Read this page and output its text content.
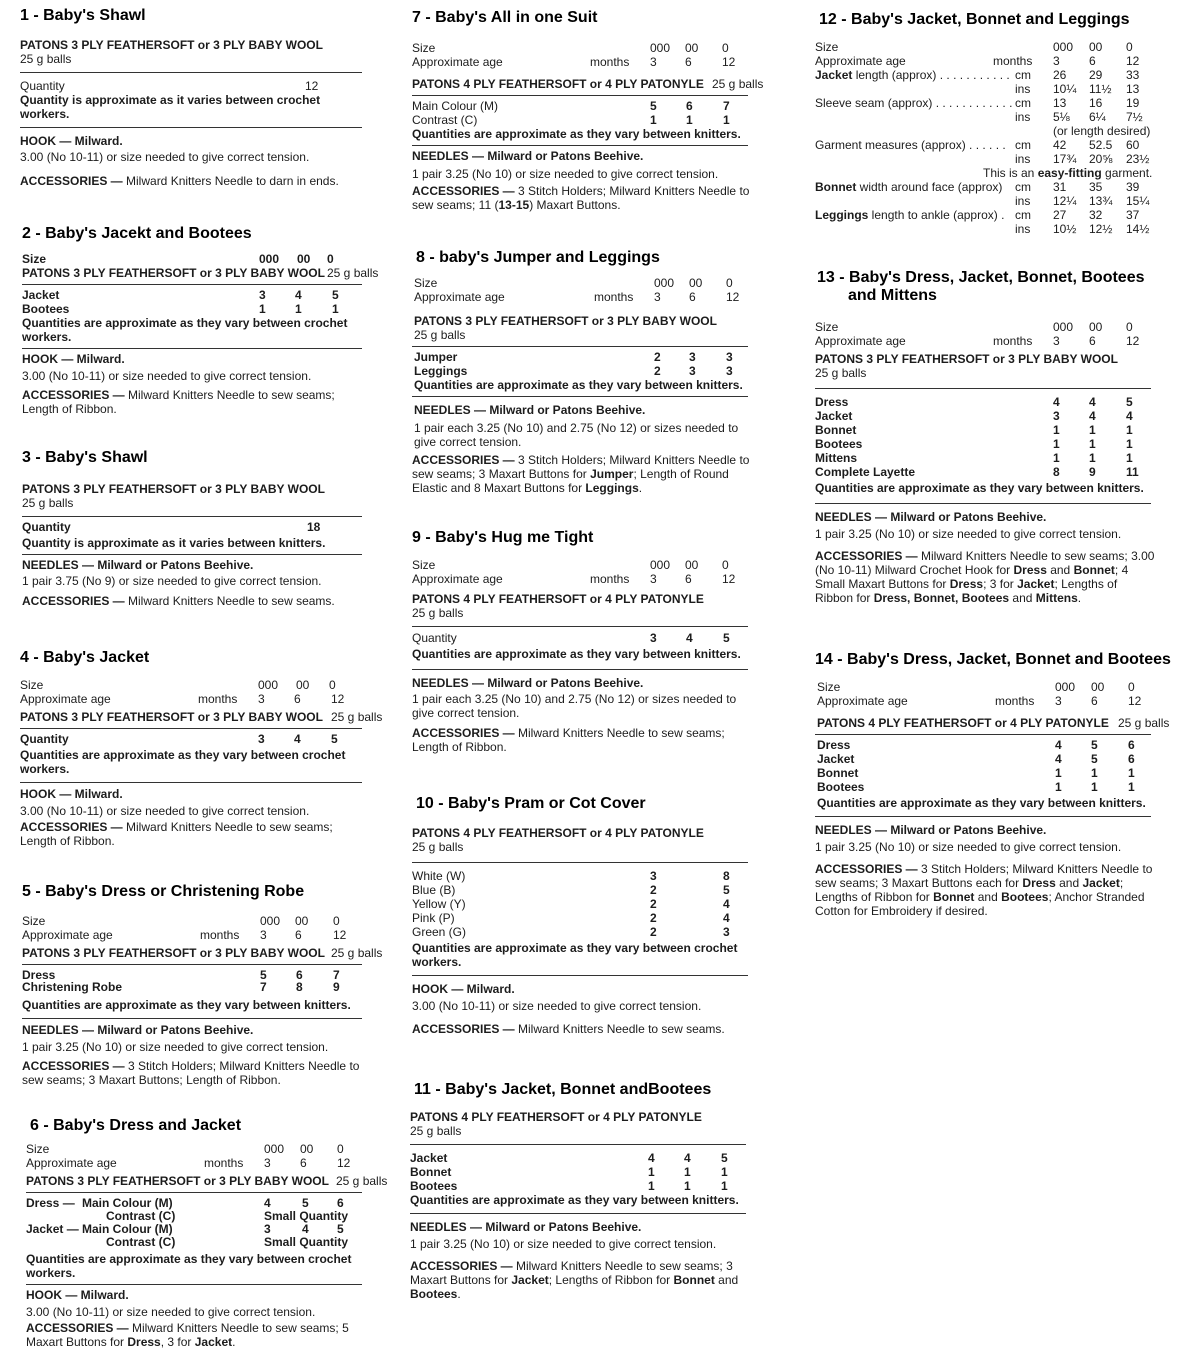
1 - Baby's Shawl
PATONS 3 PLY FEATHERSOFT or 3 PLY BABY WOOL
25 g balls
Quantity	12
Quantity is approximate as it varies between crochet workers.
HOOK — Milward.
3.00 (No 10-11) or size needed to give correct tension.
ACCESSORIES — Milward Knitters Needle to darn in ends.
2 - Baby's Jacekt and Bootees
Size	000 00 0
PATONS 3 PLY FEATHERSOFT or 3 PLY BABY WOOL 25 g balls
Jacket	3 4	5
Bootees	1 1	1
Quantities are approximate as they vary between crochet workers.
HOOK — Milward.
3.00 (No 10-11) or size needed to give correct tension.
ACCESSORIES — Milward Knitters Needle to sew seams; Length of Ribbon.
3 - Baby's Shawl
PATONS 3 PLY FEATHERSOFT or 3 PLY BABY WOOL
25 g balls
Quantity	18
Quantity is approximate as it varies between knitters.
NEEDLES — Milward or Patons Beehive.
1 pair 3.75 (No 9) or size needed to give correct tension.
ACCESSORIES — Milward Knitters Needle to sew seams.
4 - Baby's Jacket
Size	000 00 0
Approximate age	months 3 6	12
PATONS 3 PLY FEATHERSOFT or 3 PLY BABY WOOL 25 g balls
Quantity	3 4	5
Quantities are approximate as they vary between crochet workers.
HOOK — Milward.
3.00 (No 10-11) or size needed to give correct tension.
ACCESSORIES — Milward Knitters Needle to sew seams; Length of Ribbon.
5 - Baby's Dress or Christening Robe
Size	000 00 0
Approximate age	months 3 6	12
PATONS 3 PLY FEATHERSOFT or 3 PLY BABY WOOL 25 g balls
Dress	5 6	7
Christening Robe	7 8	9
Quantities are approximate as they vary between knitters.
NEEDLES — Milward or Patons Beehive.
1 pair 3.25 (No 10) or size needed to give correct tension.
ACCESSORIES — 3 Stitch Holders; Milward Knitters Needle to sew seams; 3 Maxart Buttons; Length of Ribbon.
6 - Baby's Dress and Jacket
Size	000 00 0
Approximate age	months 3 6	12
PATONS 3 PLY FEATHERSOFT or 3 PLY BABY WOOL 25 g balls
Dress — Main Colour (M)	4	5 6
Contrast (C)	Small Quantity
Jacket — Main Colour (M)	3	4 5
Contrast (C)	Small Quantity
Quantities are approximate as they vary between crochet workers.
HOOK — Milward.
3.00 (No 10-11) or size needed to give correct tension.
ACCESSORIES — Milward Knitters Needle to sew seams; 5 Maxart Buttons for Dress, 3 for Jacket.
7 - Baby's All in one Suit
Size	000 00 0
Approximate age	months 3 6	12
PATONS 4 PLY FEATHERSOFT or 4 PLY PATONYLE 25 g balls
Main Colour (M)	5 6	7
Contrast (C)	1 1	1
Quantities are approximate as they vary between knitters.
NEEDLES — Milward or Patons Beehive.
1 pair 3.25 (No 10) or size needed to give correct tension.
ACCESSORIES — 3 Stitch Holders; Milward Knitters Needle to sew seams; 11 (13-15) Maxart Buttons.
8 - baby's Jumper and Leggings
Size	000 00 0
Approximate age	months 3 6	12
PATONS 3 PLY FEATHERSOFT or 3 PLY BABY WOOL
25 g balls
Jumper	2 3	3
Leggings	2 3	3
Quantities are approximate as they vary between knitters.
NEEDLES — Milward or Patons Beehive.
1 pair each 3.25 (No 10) and 2.75 (No 12) or sizes needed to give correct tension.
ACCESSORIES — 3 Stitch Holders; Milward Knitters Needle to sew seams; 3 Maxart Buttons for Jumper; Length of Round Elastic and 8 Maxart Buttons for Leggings.
9 - Baby's Hug me Tight
Size	000 00 0
Approximate age	months 3 6	12
PATONS 4 PLY FEATHERSOFT or 4 PLY PATONYLE
25 g balls
Quantity	3 4	5
Quantities are approximate as they vary between knitters.
NEEDLES — Milward or Patons Beehive.
1 pair each 3.25 (No 10) and 2.75 (No 12) or sizes needed to give correct tension.
ACCESSORIES — Milward Knitters Needle to sew seams; Length of Ribbon.
10 - Baby's Pram or Cot Cover
PATONS 4 PLY FEATHERSOFT or 4 PLY PATONYLE
25 g balls
White (W)	3	8
Blue (B)	2	5
Yellow (Y)	2	4
Pink (P)	2	4
Green (G)	2	3
Quantities are approximate as they vary between crochet workers.
HOOK — Milward.
3.00 (No 10-11) or size needed to give correct tension.
ACCESSORIES — Milward Knitters Needle to sew seams.
11 - Baby's Jacket, Bonnet andBootees
PATONS 4 PLY FEATHERSOFT or 4 PLY PATONYLE
25 g balls
Jacket	4 4	5
Bonnet	1 1	1
Bootees	1 1	1
Quantities are approximate as they vary between knitters.
NEEDLES — Milward or Patons Beehive.
1 pair 3.25 (No 10) or size needed to give correct tension.
ACCESSORIES — Milward Knitters Needle to sew seams; 3 Maxart Buttons for Jacket; Lengths of Ribbon for Bonnet and Bootees.
12 - Baby's Jacket, Bonnet and Leggings
Size	000 00 0
Approximate age	months 3 6	12
Jacket length (approx) . . . . . . . . . . . cm 26 29 33
ins 10¼ 11½ 13
Sleeve seam (approx) . . . . . . . . . . . . cm 13 16 19
ins 5⅛ 6¼ 7½
(or length desired)
Garment measures (approx) . . . . . . cm 42 52.5 60
ins 17¾ 20⅝ 23½
This is an easy-fitting garment.
Bonnet width around face (approx) cm 31 35 39
ins 12¼ 13¾ 15¼
Leggings length to ankle (approx) . cm 27 32 37
ins 10½ 12½ 14½
13 - Baby's Dress, Jacket, Bonnet, Bootees
and Mittens
Size	000 00 0
Approximate age	months 3 6	12
PATONS 3 PLY FEATHERSOFT or 3 PLY BABY WOOL
25 g balls
Dress	4 4	5
Jacket	3 4	4
Bonnet	1 1	1
Bootees	1 1	1
Mittens	1 1	1
Complete Layette	8 9	11
Quantities are approximate as they vary between knitters.
NEEDLES — Milward or Patons Beehive.
1 pair 3.25 (No 10) or size needed to give correct tension.
ACCESSORIES — Milward Knitters Needle to sew seams; 3.00 (No 10-11) Milward Crochet Hook for Dress and Bonnet; 4 Small Maxart Buttons for Dress; 3 for Jacket; Lengths of Ribbon for Dress, Bonnet, Bootees and Mittens.
14 - Baby's Dress, Jacket, Bonnet and Bootees
Size	000 00 0
Approximate age	months 3 6	12
PATONS 4 PLY FEATHERSOFT or 4 PLY PATONYLE 25 g balls
Dress	4 5	6
Jacket	4 5	6
Bonnet	1 1	1
Bootees	1 1	1
Quantities are approximate as they vary between knitters.
NEEDLES — Milward or Patons Beehive.
1 pair 3.25 (No 10) or size needed to give correct tension.
ACCESSORIES — 3 Stitch Holders; Milward Knitters Needle to sew seams; 3 Maxart Buttons each for Dress and Jacket; Lengths of Ribbon for Bonnet and Bootees; Anchor Stranded Cotton for Embroidery if desired.
